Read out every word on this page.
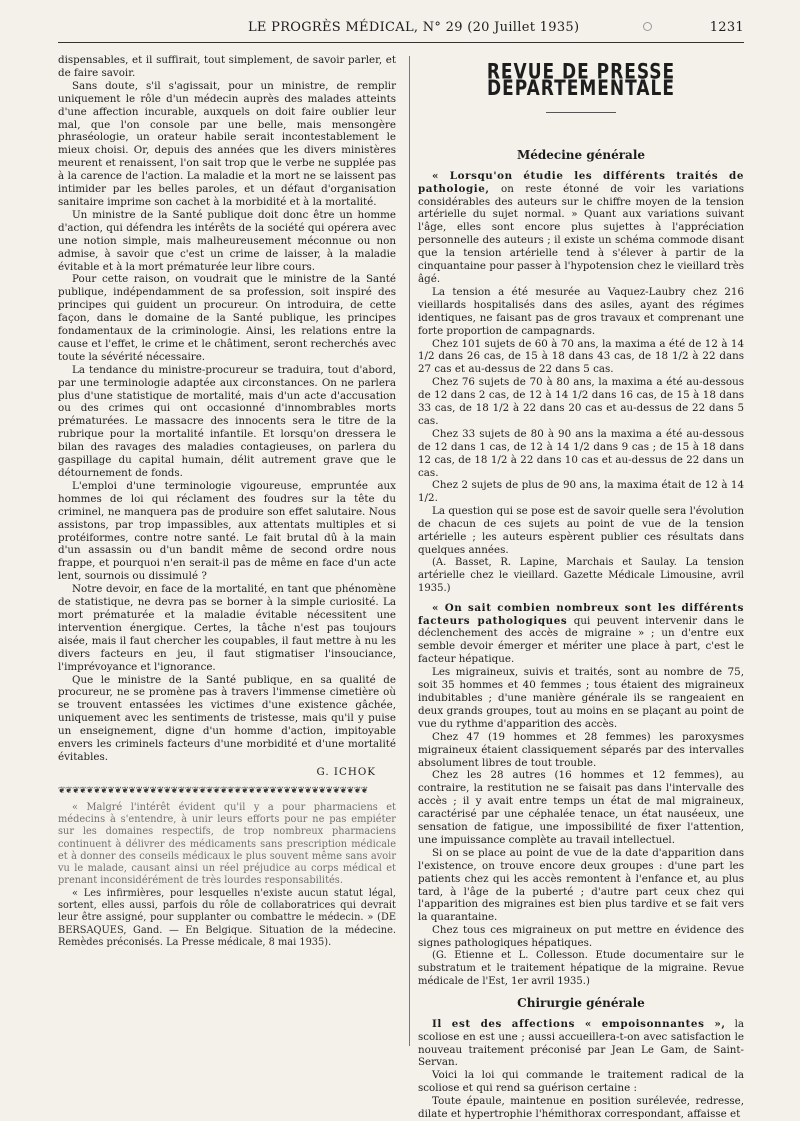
LE PROGRÈS MÉDICAL, N° 29 (20 Juillet 1935)	1231

dispensables, et il suffirait, tout simplement, de savoir parler, et de faire savoir.

Sans doute, s'il s'agissait, pour un ministre, de remplir uniquement le rôle d'un médecin auprès des malades atteints d'une affection incurable, auxquels on doit faire oublier leur mal, que l'on console par une belle, mais mensongère phraséologie, un orateur habile serait incontestablement le mieux choisi. Or, depuis des années que les divers ministères meurent et renaissent, l'on sait trop que le verbe ne supplée pas à la carence de l'action. La maladie et la mort ne se laissent pas intimider par les belles paroles, et un défaut d'organisation sanitaire imprime son cachet à la morbidité et à la mortalité.

Un ministre de la Santé publique doit donc être un homme d'action, qui défendra les intérêts de la société qui opérera avec une notion simple, mais malheureusement méconnue ou non admise, à savoir que c'est un crime de laisser, à la maladie évitable et à la mort prématurée leur libre cours.

Pour cette raison, on voudrait que le ministre de la Santé publique, indépendamment de sa profession, soit inspiré des principes qui guident un procureur. On introduira, de cette façon, dans le domaine de la Santé publique, les principes fondamentaux de la criminologie. Ainsi, les relations entre la cause et l'effet, le crime et le châtiment, seront recherchés avec toute la sévérité nécessaire.

La tendance du ministre-procureur se traduira, tout d'abord, par une terminologie adaptée aux circonstances. On ne parlera plus d'une statistique de mortalité, mais d'un acte d'accusation ou des crimes qui ont occasionné d'innombrables morts prématurées. Le massacre des innocents sera le titre de la rubrique pour la mortalité infantile. Et lorsqu'on dressera le bilan des ravages des maladies contagieuses, on parlera du gaspillage du capital humain, délit autrement grave que le détournement de fonds.

L'emploi d'une terminologie vigoureuse, empruntée aux hommes de loi qui réclament des foudres sur la tête du criminel, ne manquera pas de produire son effet salutaire. Nous assistons, par trop impassibles, aux attentats multiples et si protéiformes, contre notre santé. Le fait brutal dû à la main d'un assassin ou d'un bandit même de second ordre nous frappe, et pourquoi n'en serait-il pas de même en face d'un acte lent, sournois ou dissimulé ?

Notre devoir, en face de la mortalité, en tant que phénomène de statistique, ne devra pas se borner à la simple curiosité. La mort prématurée et la maladie évitable nécessitent une intervention énergique. Certes, la tâche n'est pas toujours aisée, mais il faut chercher les coupables, il faut mettre à nu les divers facteurs en jeu, il faut stigmatiser l'insouciance, l'imprévoyance et l'ignorance.

Que le ministre de la Santé publique, en sa qualité de procureur, ne se promène pas à travers l'immense cimetière où se trouvent entassées les victimes d'une existence gâchée, uniquement avec les sentiments de tristesse, mais qu'il y puise un enseignement, digne d'un homme d'action, impitoyable envers les criminels facteurs d'une morbidité et d'une mortalité évitables.

G. ICHOK
❦❦❦❦❦❦❦❦❦❦❦❦❦❦❦❦❦❦❦❦❦❦❦❦❦❦❦❦❦❦❦❦❦❦❦❦❦❦❦❦❦❦❦❦

« Malgré l'intérêt évident qu'il y a pour pharmaciens et médecins à s'entendre, à unir leurs efforts pour ne pas empiéter sur les domaines respectifs, de trop nombreux pharmaciens continuent à délivrer des médicaments sans prescription médicale et à donner des conseils médicaux le plus souvent même sans avoir vu le malade, causant ainsi un réel préjudice au corps médical et prenant inconsidérément de très lourdes responsabilités.

« Les infirmières, pour lesquelles n'existe aucun statut légal, sortent, elles aussi, parfois du rôle de collaboratrices qui devrait leur être assigné, pour supplanter ou combattre le médecin. » (DE BERSAQUES, Gand. — En Belgique. Situation de la médecine. Remèdes préconisés. La Presse médicale, 8 mai 1935).

REVUE DE PRESSE DÉPARTEMENTALE
Médecine générale

« Lorsqu'on étudie les différents traités de pathologie, on reste étonné de voir les variations considérables des auteurs sur le chiffre moyen de la tension artérielle du sujet normal. » Quant aux variations suivant l'âge, elles sont encore plus sujettes à l'appréciation personnelle des auteurs ; il existe un schéma commode disant que la tension artérielle tend à s'élever à partir de la cinquantaine pour passer à l'hypotension chez le vieillard très âgé.

La tension a été mesurée au Vaquez-Laubry chez 216 vieillards hospitalisés dans des asiles, ayant des régimes identiques, ne faisant pas de gros travaux et comprenant une forte proportion de campagnards.

Chez 101 sujets de 60 à 70 ans, la maxima a été de 12 à 14 1/2 dans 26 cas, de 15 à 18 dans 43 cas, de 18 1/2 à 22 dans 27 cas et au-dessus de 22 dans 5 cas.

Chez 76 sujets de 70 à 80 ans, la maxima a été au-dessous de 12 dans 2 cas, de 12 à 14 1/2 dans 16 cas, de 15 à 18 dans 33 cas, de 18 1/2 à 22 dans 20 cas et au-dessus de 22 dans 5 cas.

Chez 33 sujets de 80 à 90 ans la maxima a été au-dessous de 12 dans 1 cas, de 12 à 14 1/2 dans 9 cas ; de 15 à 18 dans 12 cas, de 18 1/2 à 22 dans 10 cas et au-dessus de 22 dans un cas.

Chez 2 sujets de plus de 90 ans, la maxima était de 12 à 14 1/2.

La question qui se pose est de savoir quelle sera l'évolution de chacun de ces sujets au point de vue de la tension artérielle ; les auteurs espèrent publier ces résultats dans quelques années.

(A. Basset, R. Lapine, Marchais et Saulay. La tension artérielle chez le vieillard. Gazette Médicale Limousine, avril 1935.)

« On sait combien nombreux sont les différents facteurs pathologiques qui peuvent intervenir dans le déclenchement des accès de migraine » ; un d'entre eux semble devoir émerger et mériter une place à part, c'est le facteur hépatique.

Les migraineux, suivis et traités, sont au nombre de 75, soit 35 hommes et 40 femmes ; tous étaient des migraineux indubitables ; d'une manière générale ils se rangeaient en deux grands groupes, tout au moins en se plaçant au point de vue du rythme d'apparition des accès.

Chez 47 (19 hommes et 28 femmes) les paroxysmes migraineux étaient classiquement séparés par des intervalles absolument libres de tout trouble.

Chez les 28 autres (16 hommes et 12 femmes), au contraire, la restitution ne se faisait pas dans l'intervalle des accès ; il y avait entre temps un état de mal migraineux, caractérisé par une céphalée tenace, un état nauséeux, une sensation de fatigue, une impossibilité de fixer l'attention, une impuissance complète au travail intellectuel.

Si on se place au point de vue de la date d'apparition dans l'existence, on trouve encore deux groupes : d'une part les patients chez qui les accès remontent à l'enfance et, au plus tard, à l'âge de la puberté ; d'autre part ceux chez qui l'apparition des migraines est bien plus tardive et se fait vers la quarantaine.

Chez tous ces migraineux on put mettre en évidence des signes pathologiques hépatiques.

(G. Etienne et L. Collesson. Etude documentaire sur le substratum et le traitement hépatique de la migraine. Revue médicale de l'Est, 1er avril 1935.)

Chirurgie générale

Il est des affections « empoisonnantes », la scoliose en est une ; aussi accueillera-t-on avec satisfaction le nouveau traitement préconisé par Jean Le Gam, de Saint-Servan.

Voici la loi qui commande le traitement radical de la scoliose et qui rend sa guérison certaine :

Toute épaule, maintenue en position surélevée, redresse, dilate et hypertrophie l'hémithorax correspondant, affaisse et
